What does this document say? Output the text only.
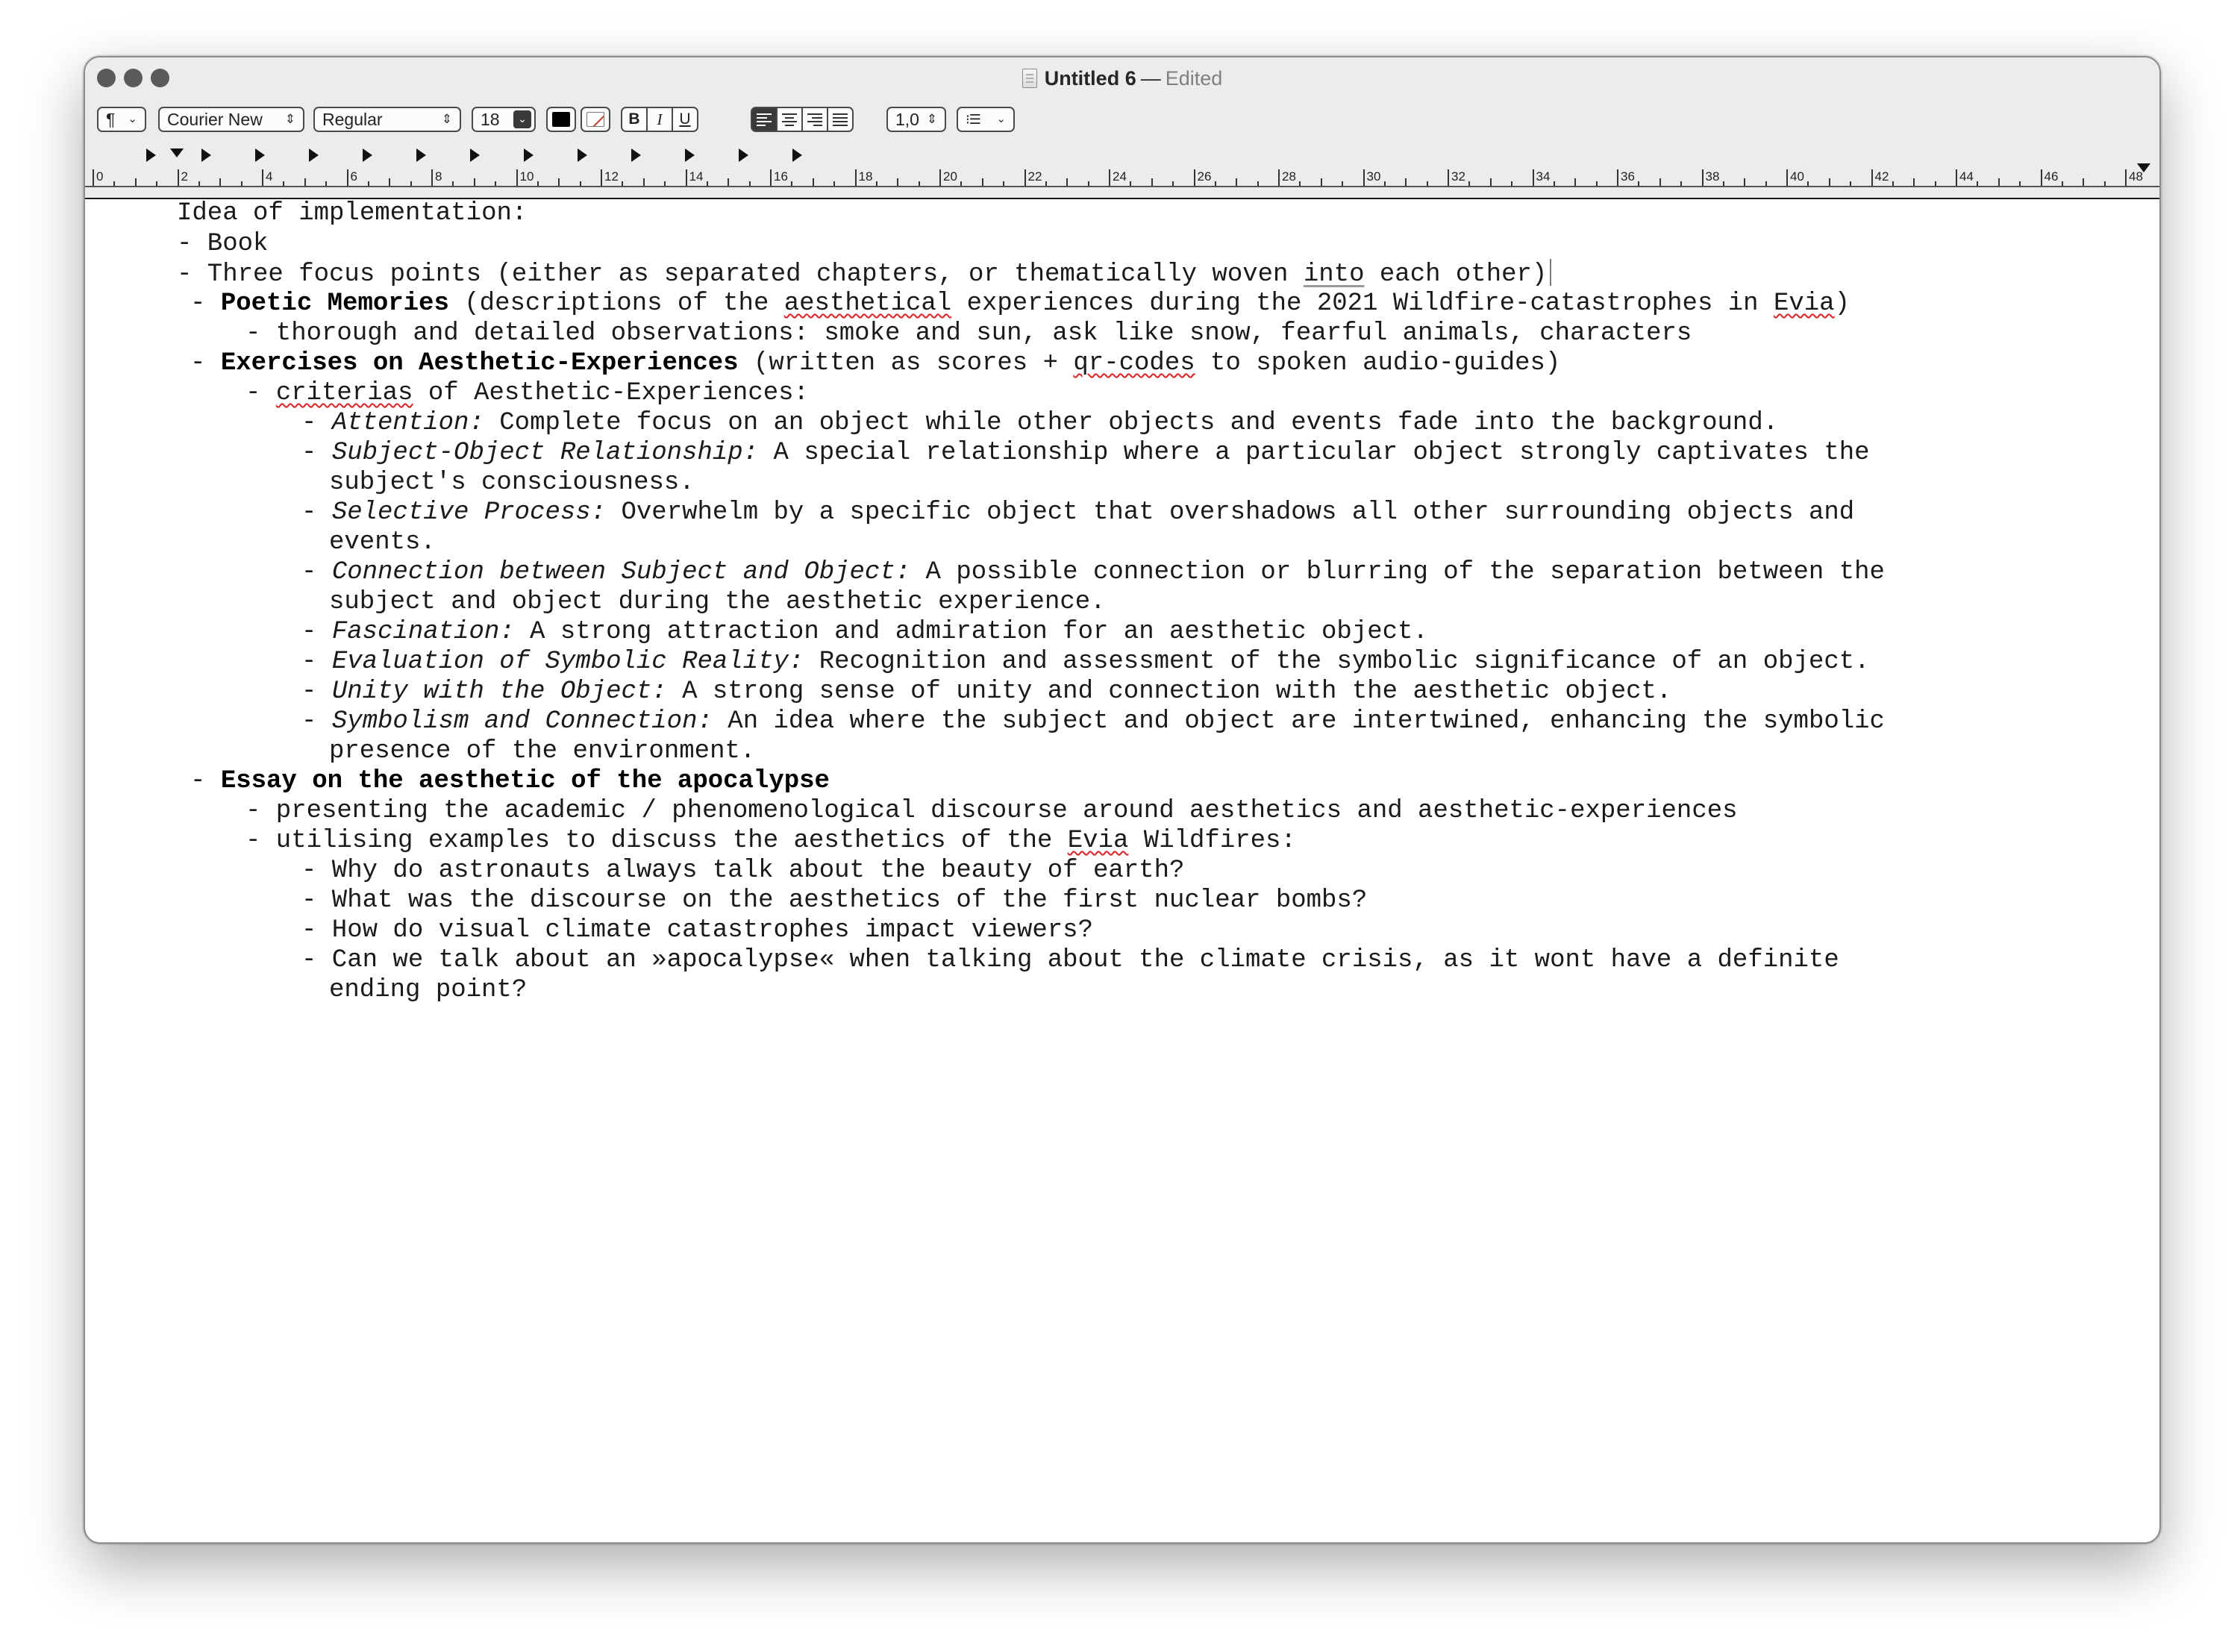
Untitled 6 — Edited
¶ ⌄ Courier New ⇕ Regular	⇕ 18	⌄	B	I	U	1,0 ⇕ ⁝☰ ⌄
0	2	4	6	8	10	12	14	16	18	20	22	24	26	28	30	32	34	36	38	40	42	44	46	48
Idea of implementation:
- Book
- Three focus points (either as separated chapters, or thematically woven into each other)
- Poetic Memories (descriptions of the aesthetical experiences during the 2021 Wildfire-catastrophes in Evia)
- thorough and detailed observations: smoke and sun, ask like snow, fearful animals, characters
- Exercises on Aesthetic-Experiences (written as scores + qr-codes to spoken audio-guides)
- criterias of Aesthetic-Experiences:
- Attention: Complete focus on an object while other objects and events fade into the background.
- Subject-Object Relationship: A special relationship where a particular object strongly captivates the
subject's consciousness.
- Selective Process: Overwhelm by a specific object that overshadows all other surrounding objects and
events.
- Connection between Subject and Object: A possible connection or blurring of the separation between the
subject and object during the aesthetic experience.
- Fascination: A strong attraction and admiration for an aesthetic object.
- Evaluation of Symbolic Reality: Recognition and assessment of the symbolic significance of an object.
- Unity with the Object: A strong sense of unity and connection with the aesthetic object.
- Symbolism and Connection: An idea where the subject and object are intertwined, enhancing the symbolic
presence of the environment.
- Essay on the aesthetic of the apocalypse
- presenting the academic / phenomenological discourse around aesthetics and aesthetic-experiences
- utilising examples to discuss the aesthetics of the Evia Wildfires:
- Why do astronauts always talk about the beauty of earth?
- What was the discourse on the aesthetics of the first nuclear bombs?
- How do visual climate catastrophes impact viewers?
- Can we talk about an »apocalypse« when talking about the climate crisis, as it wont have a definite
ending point?
